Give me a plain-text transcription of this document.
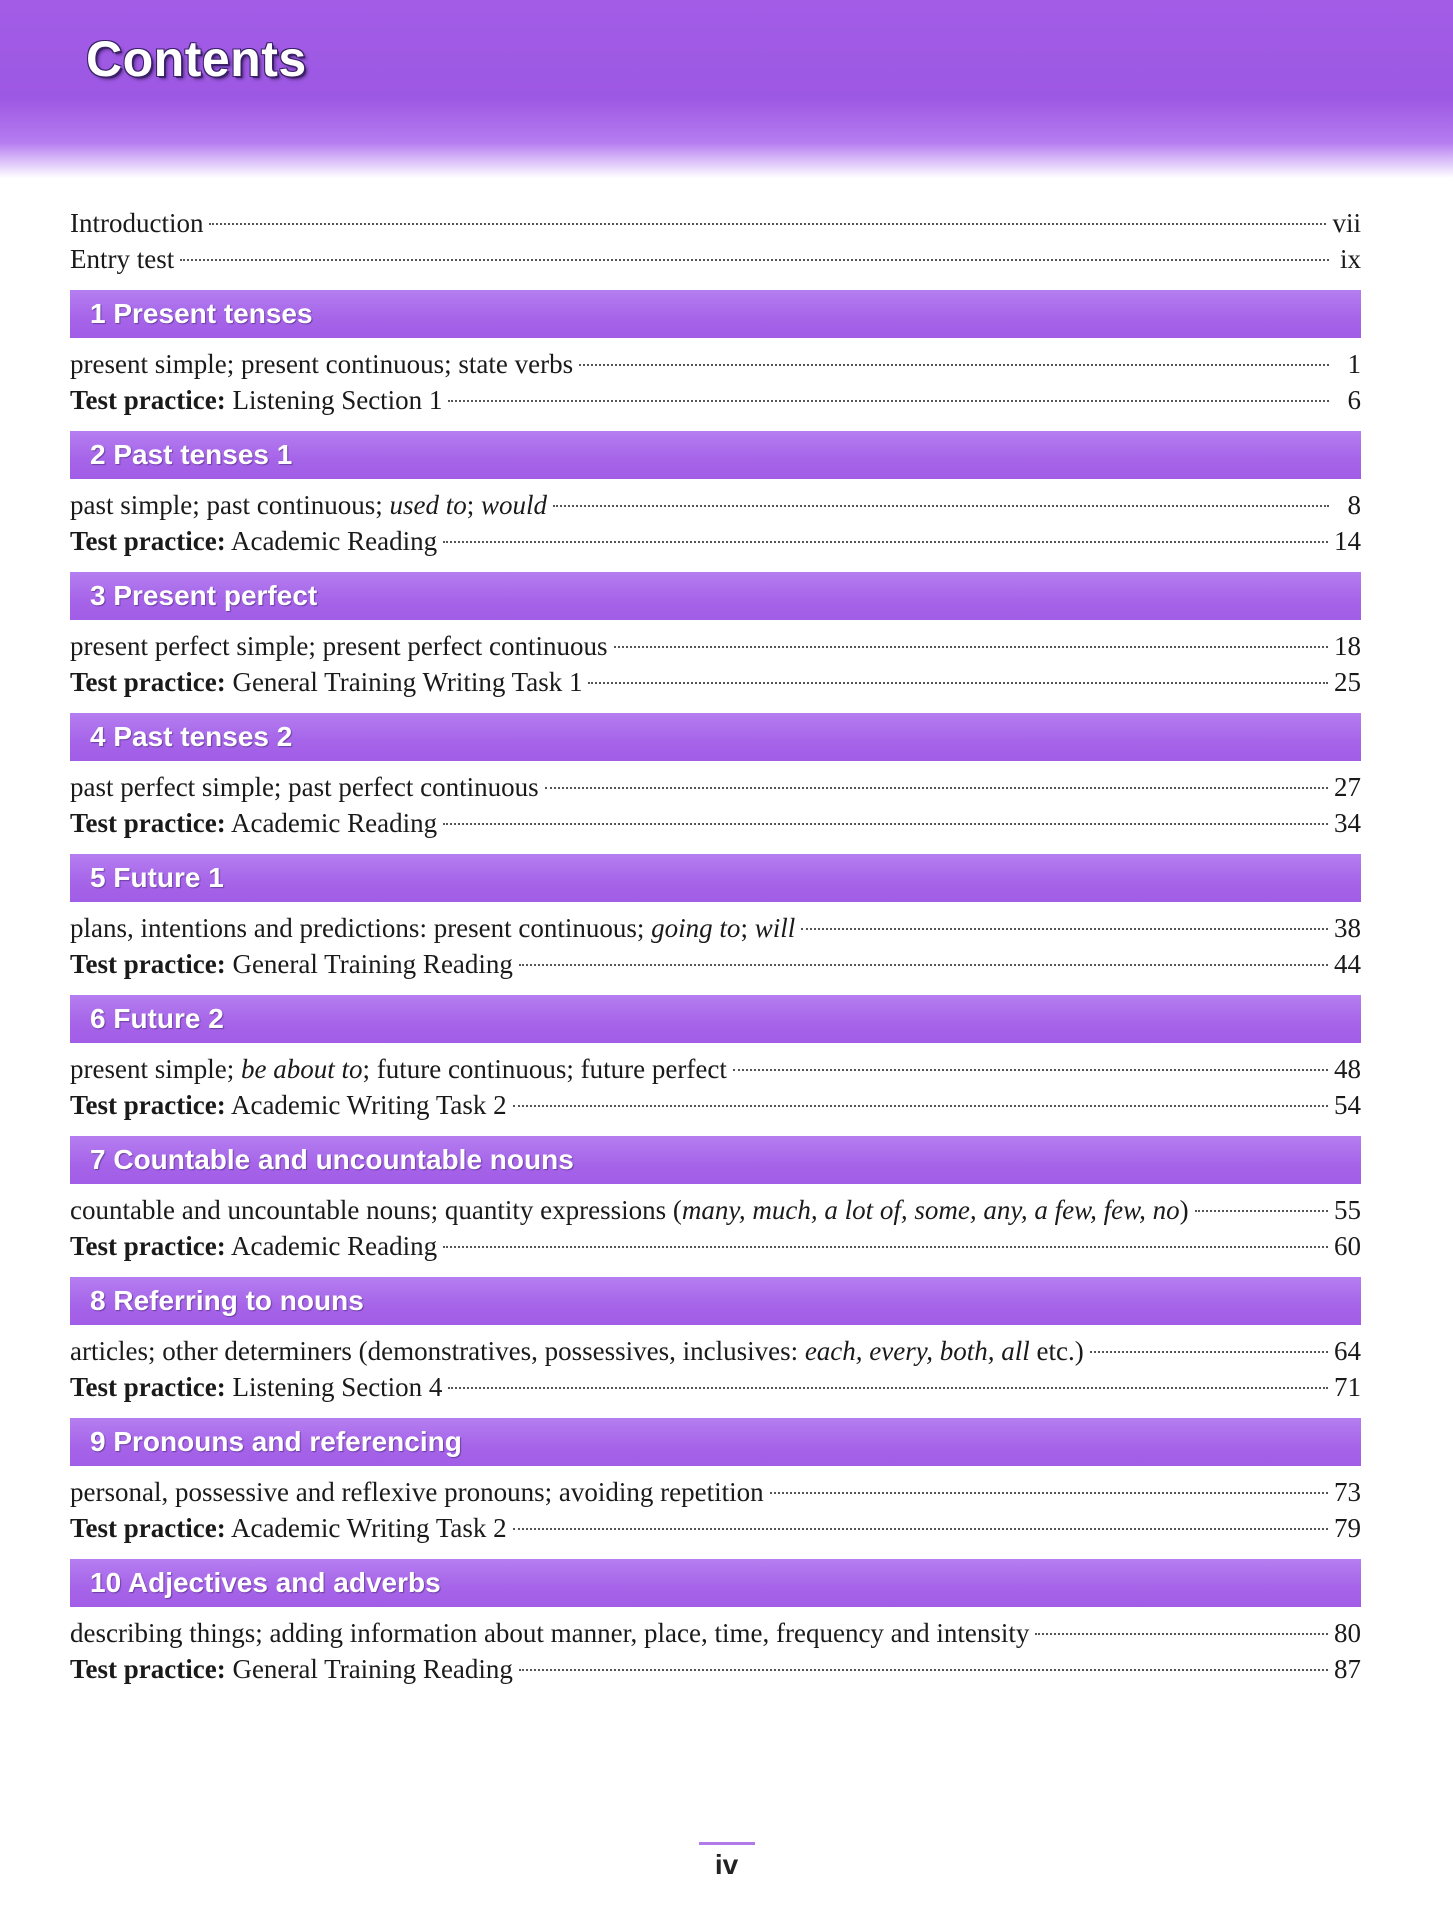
Contents
Introduction	vii
Entry test	ix
1 Present tenses
present simple; present continuous; state verbs	1
Test practice: Listening Section 1	6
2 Past tenses 1
past simple; past continuous; used to; would	8
Test practice: Academic Reading	14
3 Present perfect
present perfect simple; present perfect continuous	18
Test practice: General Training Writing Task 1	25
4 Past tenses 2
past perfect simple; past perfect continuous	27
Test practice: Academic Reading	34
5 Future 1
plans, intentions and predictions: present continuous; going to; will	38
Test practice: General Training Reading	44
6 Future 2
present simple; be about to; future continuous; future perfect	48
Test practice: Academic Writing Task 2	54
7 Countable and uncountable nouns
countable and uncountable nouns; quantity expressions (many, much, a lot of, some, any, a few, few, no)	55
Test practice: Academic Reading	60
8 Referring to nouns
articles; other determiners (demonstratives, possessives, inclusives: each, every, both, all etc.)	64
Test practice: Listening Section 4	71
9 Pronouns and referencing
personal, possessive and reflexive pronouns; avoiding repetition	73
Test practice: Academic Writing Task 2	79
10 Adjectives and adverbs
describing things; adding information about manner, place, time, frequency and intensity	80
Test practice: General Training Reading	87
iv
